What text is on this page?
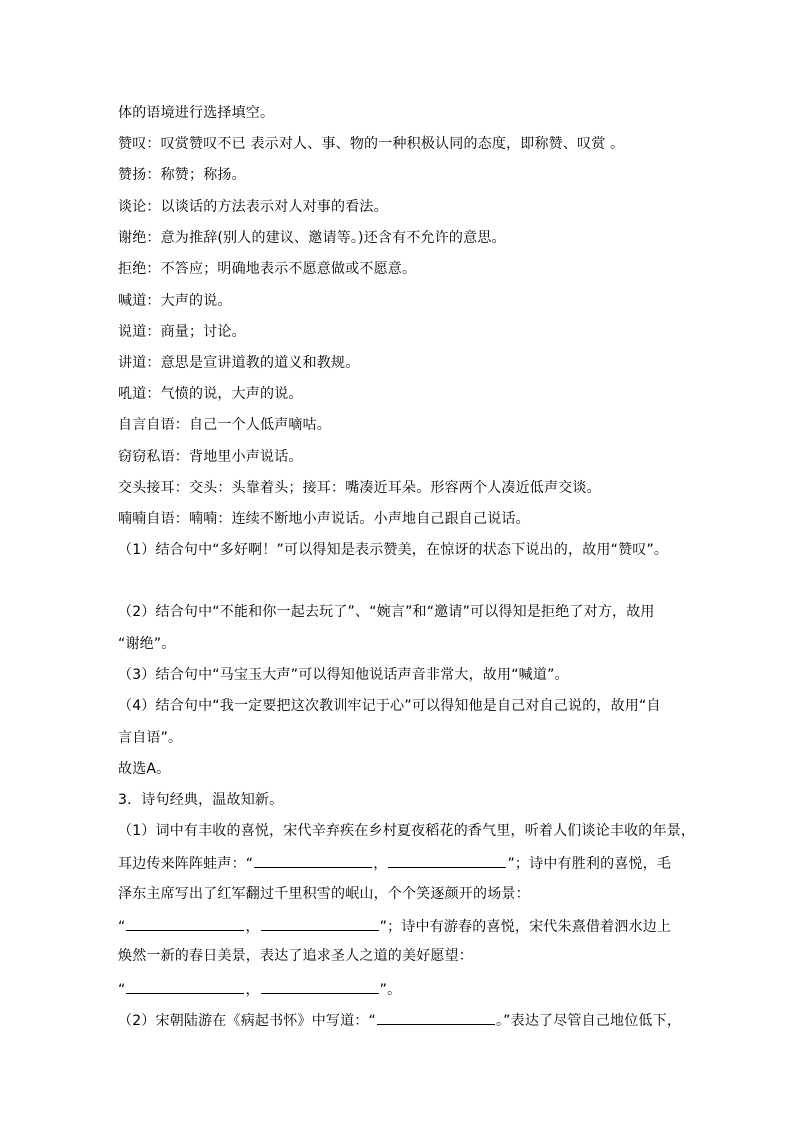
体的语境进行选择填空。
赞叹：叹赏赞叹不已 表示对人、事、物的一种积极认同的态度，即称赞、叹赏 。
赞扬：称赞；称扬。
谈论：以谈话的方法表示对人对事的看法。
谢绝：意为推辞(别人的建议、邀请等。)还含有不允许的意思。
拒绝：不答应；明确地表示不愿意做或不愿意。
喊道：大声的说。
说道：商量；讨论。
讲道：意思是宣讲道教的道义和教规。
吼道：气愤的说，大声的说。
自言自语：自己一个人低声嘀咕。
窃窃私语：背地里小声说话。
交头接耳：交头：头靠着头；接耳：嘴凑近耳朵。形容两个人凑近低声交谈。
喃喃自语：喃喃：连续不断地小声说话。小声地自己跟自己说话。
（1）结合句中“多好啊！”可以得知是表示赞美，在惊讶的状态下说出的，故用“赞叹”。
（2）结合句中“不能和你一起去玩了”、“婉言”和“邀请”可以得知是拒绝了对方，故用
“谢绝”。
（3）结合句中“马宝玉大声”可以得知他说话声音非常大，故用“喊道”。
（4）结合句中“我一定要把这次教训牢记于心”可以得知他是自己对自己说的，故用“自
言自语”。
故选A。
3．诗句经典，温故知新。
（1）词中有丰收的喜悦，宋代辛弃疾在乡村夏夜稻花的香气里，听着人们谈论丰收的年景，
耳边传来阵阵蛙声：“	，	”；诗中有胜利的喜悦，毛
泽东主席写出了红军翻过千里积雪的岷山，个个笑逐颜开的场景：
“	，	”；诗中有游春的喜悦，宋代朱熹借着泗水边上
焕然一新的春日美景，表达了追求圣人之道的美好愿望：
“	，	”。
（2）宋朝陆游在《病起书怀》中写道：“	。”表达了尽管自己地位低下，
